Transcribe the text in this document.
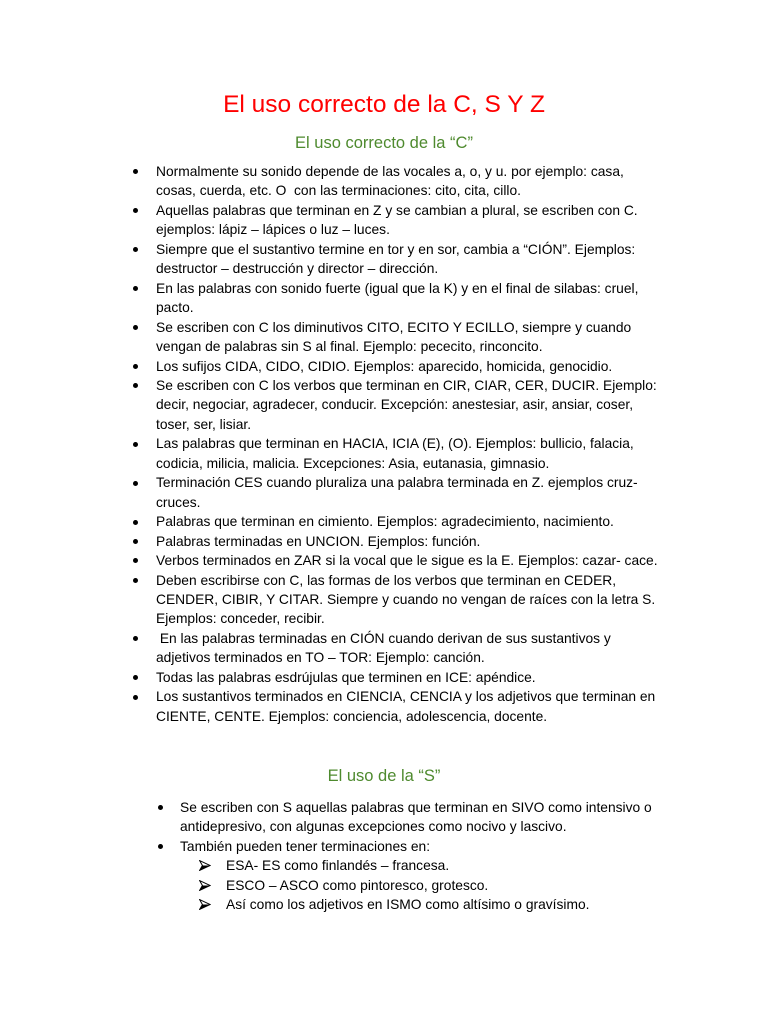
El uso correcto de la C, S Y Z
El uso correcto de la “C”
Normalmente su sonido depende de las vocales a, o, y u. por ejemplo: casa,
cosas, cuerda, etc. O  con las terminaciones: cito, cita, cillo.
Aquellas palabras que terminan en Z y se cambian a plural, se escriben con C.
ejemplos: lápiz – lápices o luz – luces.
Siempre que el sustantivo termine en tor y en sor, cambia a “CIÓN”. Ejemplos:
destructor – destrucción y director – dirección.
En las palabras con sonido fuerte (igual que la K) y en el final de silabas: cruel,
pacto.
Se escriben con C los diminutivos CITO, ECITO Y ECILLO, siempre y cuando
vengan de palabras sin S al final. Ejemplo: pececito, rinconcito.
Los sufijos CIDA, CIDO, CIDIO. Ejemplos: aparecido, homicida, genocidio.
Se escriben con C los verbos que terminan en CIR, CIAR, CER, DUCIR. Ejemplo:
decir, negociar, agradecer, conducir. Excepción: anestesiar, asir, ansiar, coser,
toser, ser, lisiar.
Las palabras que terminan en HACIA, ICIA (E), (O). Ejemplos: bullicio, falacia,
codicia, milicia, malicia. Excepciones: Asia, eutanasia, gimnasio.
Terminación CES cuando pluraliza una palabra terminada en Z. ejemplos cruz-
cruces.
Palabras que terminan en cimiento. Ejemplos: agradecimiento, nacimiento.
Palabras terminadas en UNCION. Ejemplos: función.
Verbos terminados en ZAR si la vocal que le sigue es la E. Ejemplos: cazar- cace.
Deben escribirse con C, las formas de los verbos que terminan en CEDER,
CENDER, CIBIR, Y CITAR. Siempre y cuando no vengan de raíces con la letra S.
Ejemplos: conceder, recibir.
En las palabras terminadas en CIÓN cuando derivan de sus sustantivos y
adjetivos terminados en TO – TOR: Ejemplo: canción.
Todas las palabras esdrújulas que terminen en ICE: apéndice.
Los sustantivos terminados en CIENCIA, CENCIA y los adjetivos que terminan en
CIENTE, CENTE. Ejemplos: conciencia, adolescencia, docente.
El uso de la “S”
Se escriben con S aquellas palabras que terminan en SIVO como intensivo o
antidepresivo, con algunas excepciones como nocivo y lascivo.
También pueden tener terminaciones en:
ESA- ES como finlandés – francesa.
ESCO – ASCO como pintoresco, grotesco.
Así como los adjetivos en ISMO como altísimo o gravísimo.
